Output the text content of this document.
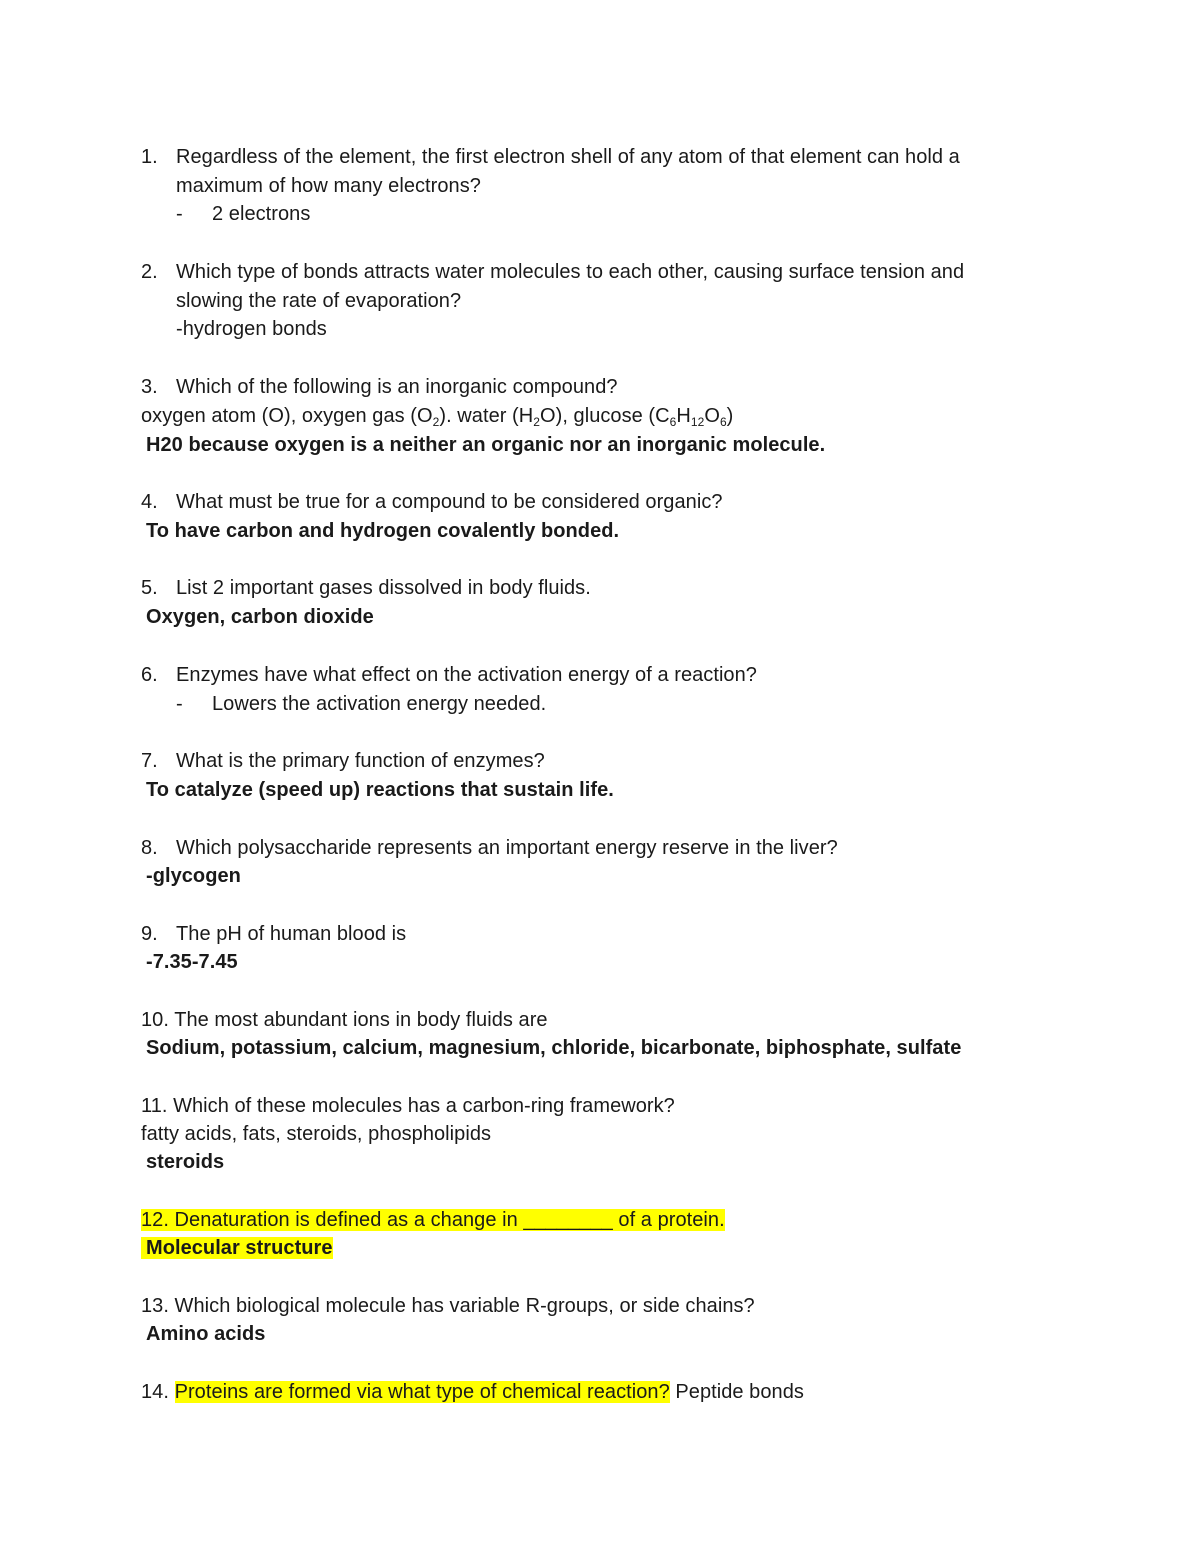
1. Regardless of the element, the first electron shell of any atom of that element can hold a
maximum of how many electrons?
- 2 electrons
2. Which type of bonds attracts water molecules to each other, causing surface tension and
slowing the rate of evaporation?
-hydrogen bonds
3. Which of the following is an inorganic compound?
oxygen atom (O), oxygen gas $(O_2)$. water $(H_2O)$, glucose $(C_6H_{12}O_6)$
H20 because oxygen is a neither an organic nor an inorganic molecule.
4. What must be true for a compound to be considered organic?
To have carbon and hydrogen covalently bonded.
5. List 2 important gases dissolved in body fluids.
Oxygen, carbon dioxide
6. Enzymes have what effect on the activation energy of a reaction?
- Lowers the activation energy needed.
7. What is the primary function of enzymes?
To catalyze (speed up) reactions that sustain life.
8. Which polysaccharide represents an important energy reserve in the liver?
-glycogen
9. The pH of human blood is
-7.35-7.45
10. The most abundant ions in body fluids are
Sodium, potassium, calcium, magnesium, chloride, bicarbonate, biphosphate, sulfate
11. Which of these molecules has a carbon-ring framework?
fatty acids, fats, steroids, phospholipids
steroids
12. Denaturation is defined as a change in ________ of a protein.
Molecular structure
13. Which biological molecule has variable R-groups, or side chains?
Amino acids
14. Proteins are formed via what type of chemical reaction? Peptide bonds
